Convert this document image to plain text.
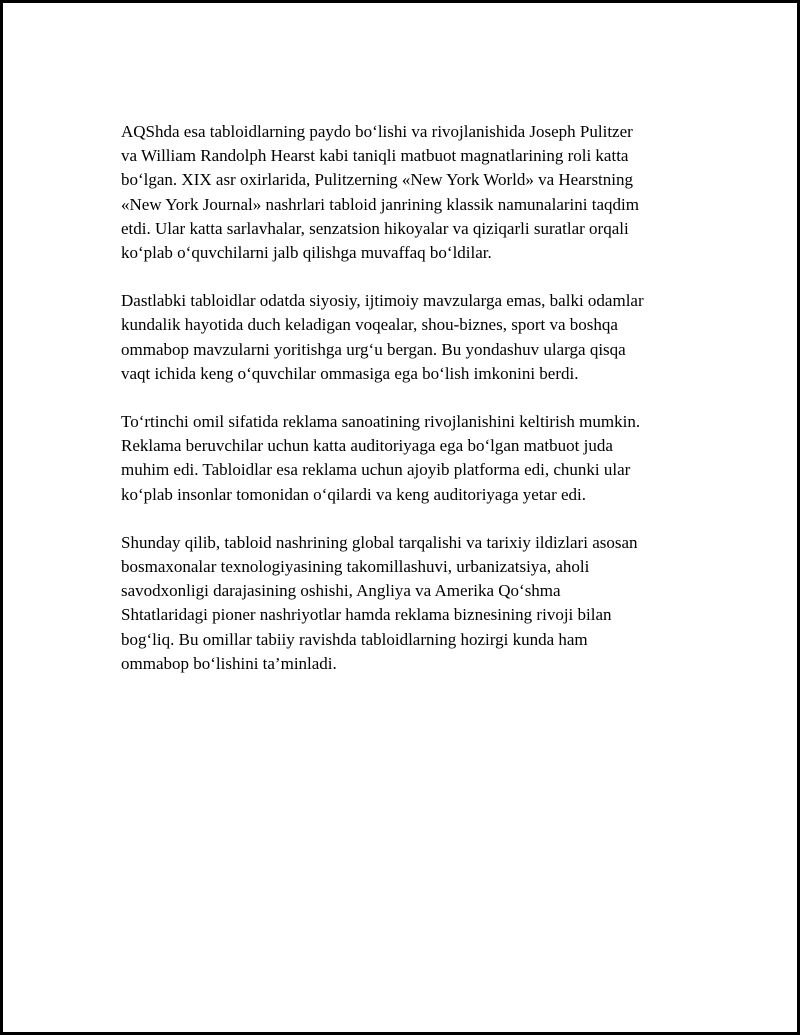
AQShda esa tabloidlarning paydo bo‘lishi va rivojlanishida Joseph Pulitzer
va William Randolph Hearst kabi taniqli matbuot magnatlarining roli katta
bo‘lgan. XIX asr oxirlarida, Pulitzerning «New York World» va Hearstning
«New York Journal» nashrlari tabloid janrining klassik namunalarini taqdim
etdi. Ular katta sarlavhalar, senzatsion hikoyalar va qiziqarli suratlar orqali
ko‘plab o‘quvchilarni jalb qilishga muvaffaq bo‘ldilar.

Dastlabki tabloidlar odatda siyosiy, ijtimoiy mavzularga emas, balki odamlar
kundalik hayotida duch keladigan voqealar, shou-biznes, sport va boshqa
ommabop mavzularni yoritishga urg‘u bergan. Bu yondashuv ularga qisqa
vaqt ichida keng o‘quvchilar ommasiga ega bo‘lish imkonini berdi.

To‘rtinchi omil sifatida reklama sanoatining rivojlanishini keltirish mumkin.
Reklama beruvchilar uchun katta auditoriyaga ega bo‘lgan matbuot juda
muhim edi. Tabloidlar esa reklama uchun ajoyib platforma edi, chunki ular
ko‘plab insonlar tomonidan o‘qilardi va keng auditoriyaga yetar edi.

Shunday qilib, tabloid nashrining global tarqalishi va tarixiy ildizlari asosan
bosmaxonalar texnologiyasining takomillashuvi, urbanizatsiya, aholi
savodxonligi darajasining oshishi, Angliya va Amerika Qo‘shma
Shtatlaridagi pioner nashriyotlar hamda reklama biznesining rivoji bilan
bog‘liq. Bu omillar tabiiy ravishda tabloidlarning hozirgi kunda ham
ommabop bo‘lishini ta’minladi.
